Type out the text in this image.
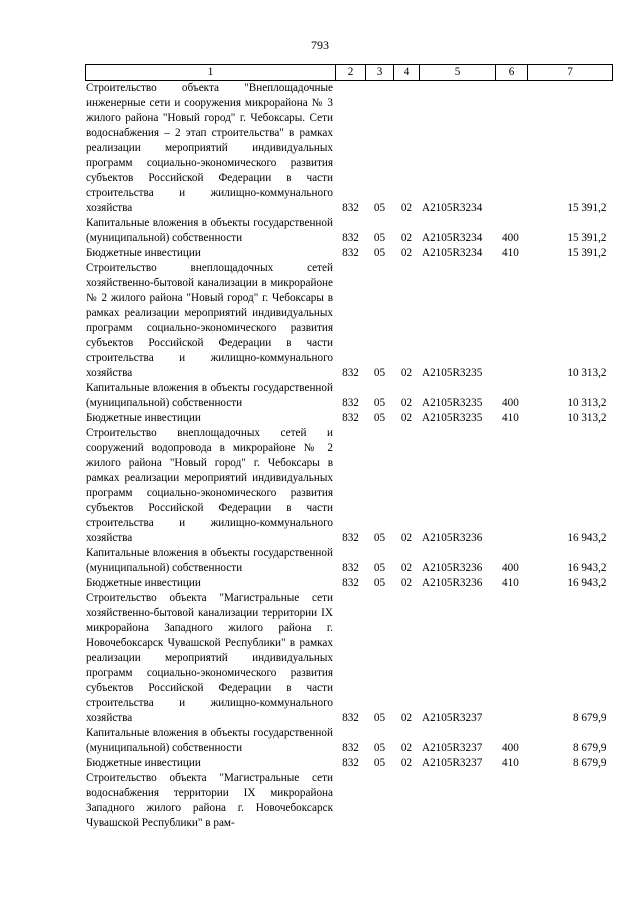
793
1	2	3	4	5	6	7
Строительство объекта "Внеплощадочные инженерные сети и сооружения микрорайона № 3 жилого района "Новый город" г. Чебоксары. Сети водоснабжения – 2 этап строительства" в рамках реализации мероприятий индивидуальных программ социально-экономического развития субъектов Российской Федерации в части строительства и жилищно-коммунального хозяйства	832	05	02	A2105R3234		15 391,2
Капитальные вложения в объекты государственной (муниципальной) собственности	832	05	02	A2105R3234	400	15 391,2
Бюджетные инвестиции	832	05	02	A2105R3234	410	15 391,2
Строительство внеплощадочных сетей хозяйственно-бытовой канализации в микрорайоне № 2 жилого района "Новый город" г. Чебоксары в рамках реализации мероприятий индивидуальных программ социально-экономического развития субъектов Российской Федерации в части строительства и жилищно-коммунального хозяйства	832	05	02	A2105R3235		10 313,2
Капитальные вложения в объекты государственной (муниципальной) собственности	832	05	02	A2105R3235	400	10 313,2
Бюджетные инвестиции	832	05	02	A2105R3235	410	10 313,2
Строительство внеплощадочных сетей и сооружений водопровода в микрорайоне № 2 жилого района "Новый город" г. Чебоксары в рамках реализации мероприятий индивидуальных программ социально-экономического развития субъектов Российской Федерации в части строительства и жилищно-коммунального хозяйства	832	05	02	A2105R3236		16 943,2
Капитальные вложения в объекты государственной (муниципальной) собственности	832	05	02	A2105R3236	400	16 943,2
Бюджетные инвестиции	832	05	02	A2105R3236	410	16 943,2
Строительство объекта "Магистральные сети хозяйственно-бытовой канализации территории IX микрорайона Западного жилого района г. Новочебоксарск Чувашской Республики" в рамках реализации мероприятий индивидуальных программ социально-экономического развития субъектов Российской Федерации в части строительства и жилищно-коммунального хозяйства	832	05	02	A2105R3237		8 679,9
Капитальные вложения в объекты государственной (муниципальной) собственности	832	05	02	A2105R3237	400	8 679,9
Бюджетные инвестиции	832	05	02	A2105R3237	410	8 679,9
Строительство объекта "Магистральные сети водоснабжения территории IX микрорайона Западного жилого района г. Новочебоксарск Чувашской Республики" в рам-						
